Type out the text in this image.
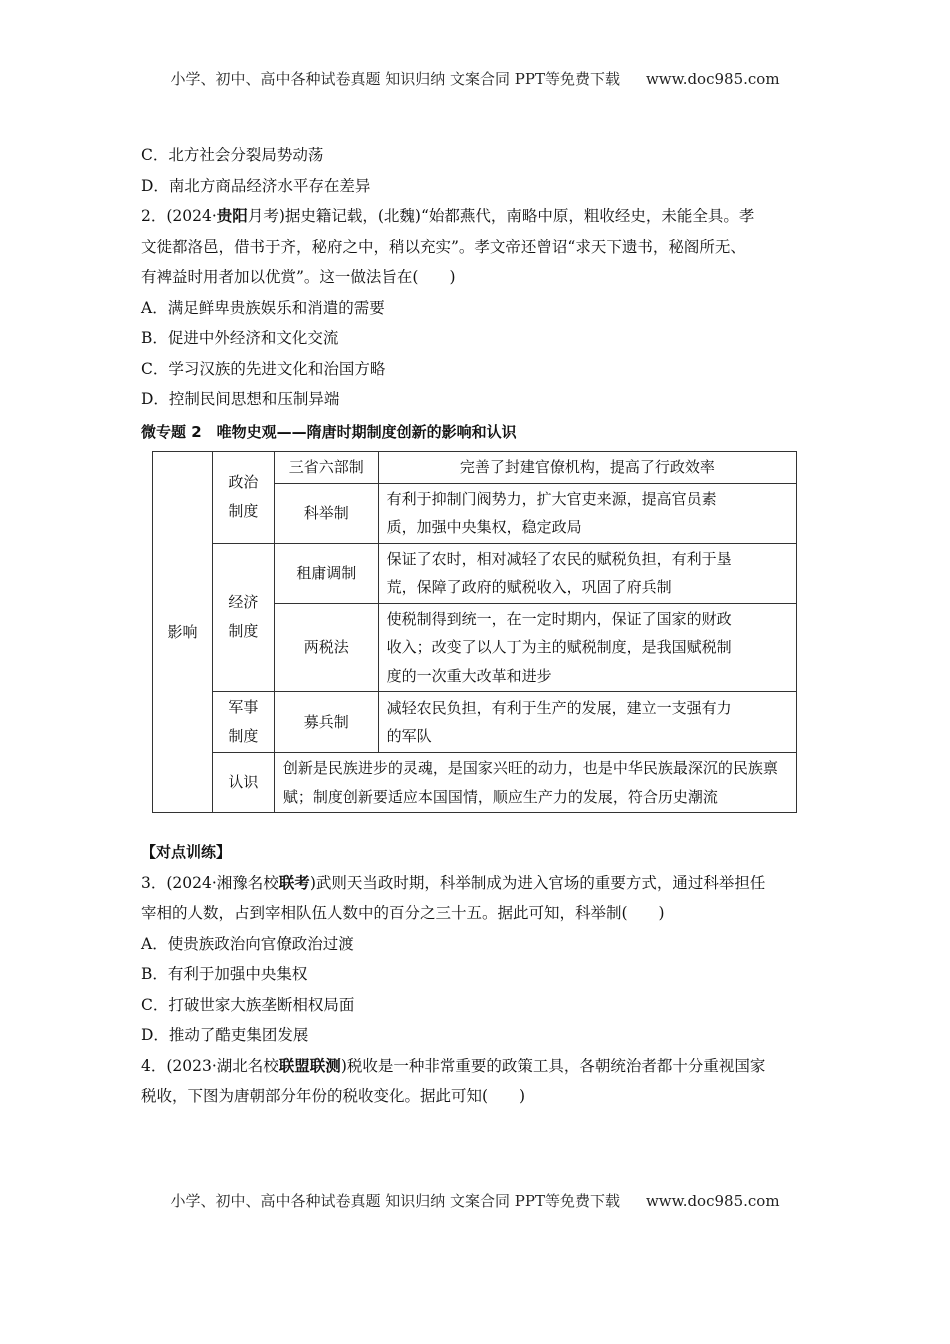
小学、初中、高中各种试卷真题 知识归纳 文案合同 PPT等免费下载 www.doc985.com
C．北方社会分裂局势动荡
D．南北方商品经济水平存在差异
2．(2024·贵阳月考)据史籍记载，(北魏)“始都燕代，南略中原，粗收经史，未能全具。孝
文徙都洛邑，借书于齐，秘府之中，稍以充实”。孝文帝还曾诏“求天下遗书，秘阁所无、
有裨益时用者加以优赏”。这一做法旨在(　　)
A．满足鲜卑贵族娱乐和消遣的需要
B．促进中外经济和文化交流
C．学习汉族的先进文化和治国方略
D．控制民间思想和压制异端
微专题 2　唯物史观——隋唐时期制度创新的影响和认识
影响	政治制度	三省六部制	完善了封建官僚机构，提高了行政效率
		科举制	有利于抑制门阀势力，扩大官吏来源，提高官员素
质，加强中央集权，稳定政局

	经济制度	租庸调制	保证了农时，相对减轻了农民的赋税负担，有利于垦
荒，保障了政府的赋税收入，巩固了府兵制

		两税法	使税制得到统一，在一定时期内，保证了国家的财政
收入；改变了以人丁为主的赋税制度，是我国赋税制
度的一次重大改革和进步

	军事制度	募兵制	减轻农民负担，有利于生产的发展，建立一支强有力
的军队

	认识	创新是民族进步的灵魂，是国家兴旺的动力，也是中华民族最深沉的民族禀
赋；制度创新要适应本国国情，顺应生产力的发展，符合历史潮流	
【对点训练】
3．(2024·湘豫名校联考)武则天当政时期，科举制成为进入官场的重要方式，通过科举担任
宰相的人数，占到宰相队伍人数中的百分之三十五。据此可知，科举制(　　)
A．使贵族政治向官僚政治过渡
B．有利于加强中央集权
C．打破世家大族垄断相权局面
D．推动了酷吏集团发展
4．(2023·湖北名校联盟联测)税收是一种非常重要的政策工具，各朝统治者都十分重视国家
税收，下图为唐朝部分年份的税收变化。据此可知(　　)
小学、初中、高中各种试卷真题 知识归纳 文案合同 PPT等免费下载 www.doc985.com
